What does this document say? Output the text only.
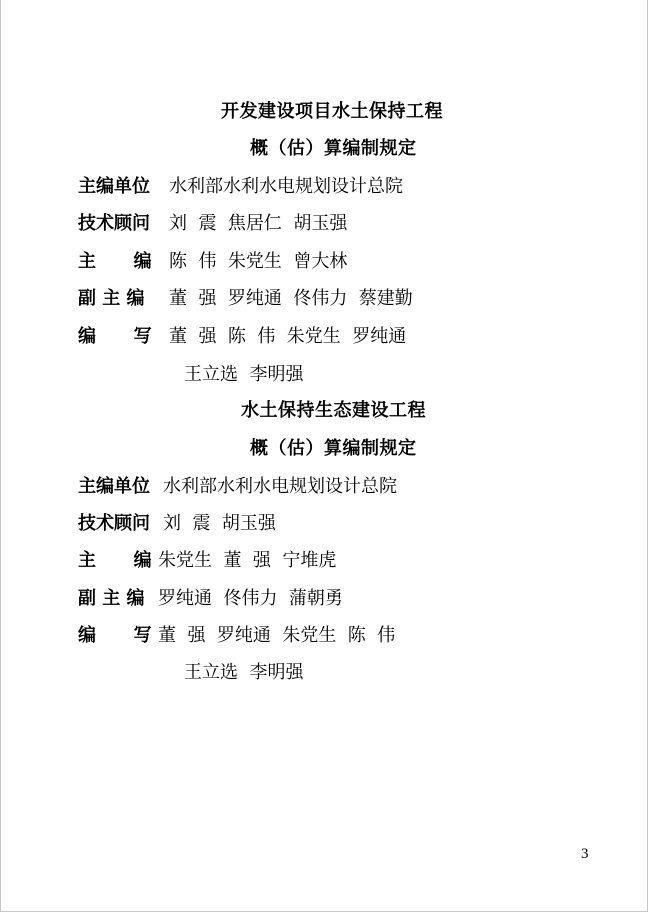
开发建设项目水土保持工程
概（估）算编制规定
主编单位 水利部水利水电规划设计总院
技术顾问 刘  震  焦居仁  胡玉强
主      编 陈  伟  朱党生  曾大林
副 主 编 董  强  罗纯通  佟伟力  蔡建勤
编      写 董  强  陈  伟  朱党生  罗纯通
王立选  李明强
水土保持生态建设工程
概（估）算编制规定
主编单位 水利部水利水电规划设计总院
技术顾问 刘  震  胡玉强
主      编 朱党生  董  强  宁堆虎
副 主 编 罗纯通  佟伟力  蒲朝勇
编      写 董  强  罗纯通  朱党生  陈  伟
王立选  李明强
3
